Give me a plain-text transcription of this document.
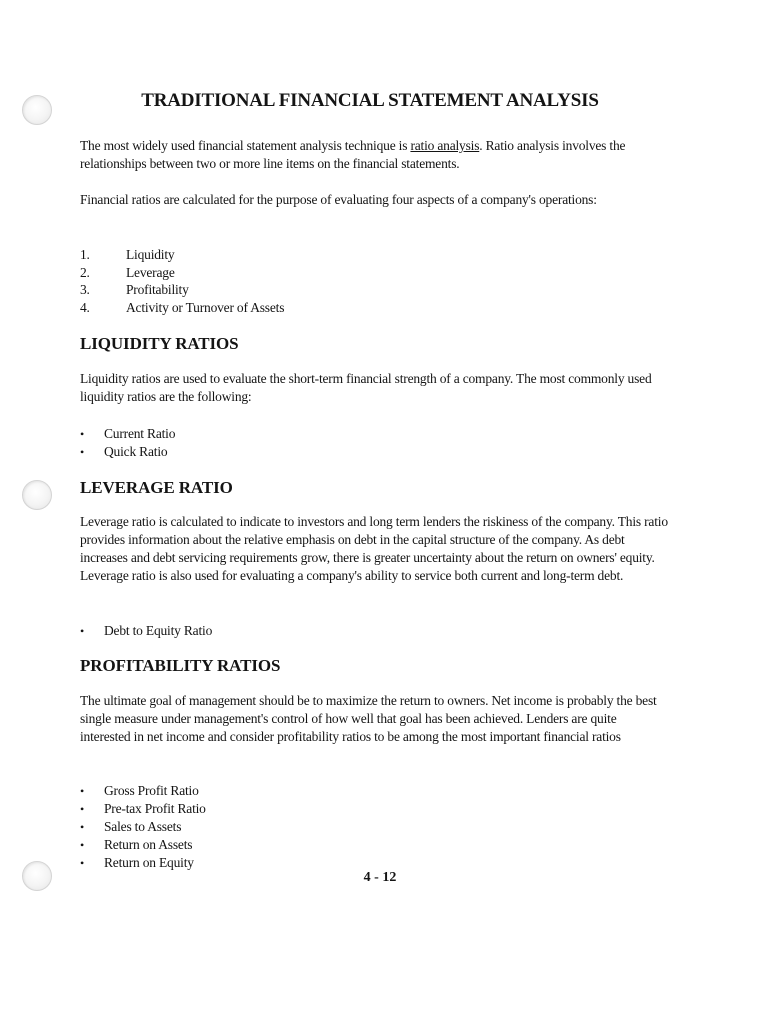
TRADITIONAL FINANCIAL STATEMENT ANALYSIS

The most widely used financial statement analysis technique is ratio analysis. Ratio analysis involves the relationships between two or more line items on the financial statements.

Financial ratios are calculated for the purpose of evaluating four aspects of a company's operations:

1.	Liquidity
2.	Leverage
3.	Profitability
4.	Activity or Turnover of Assets
LIQUIDITY RATIOS

Liquidity ratios are used to evaluate the short-term financial strength of a company. The most commonly used liquidity ratios are the following:

•	Current Ratio
•	Quick Ratio
LEVERAGE RATIO

Leverage ratio is calculated to indicate to investors and long term lenders the riskiness of the company. This ratio provides information about the relative emphasis on debt in the capital structure of the company. As debt increases and debt servicing requirements grow, there is greater uncertainty about the return on owners' equity. Leverage ratio is also used for evaluating a company's ability to service both current and long-term debt.

•	Debt to Equity Ratio
PROFITABILITY RATIOS

The ultimate goal of management should be to maximize the return to owners. Net income is probably the best single measure under management's control of how well that goal has been achieved. Lenders are quite interested in net income and consider profitability ratios to be among the most important financial ratios

•	Gross Profit Ratio
•	Pre-tax Profit Ratio
•	Sales to Assets
•	Return on Assets
•	Return on Equity
4 - 12
